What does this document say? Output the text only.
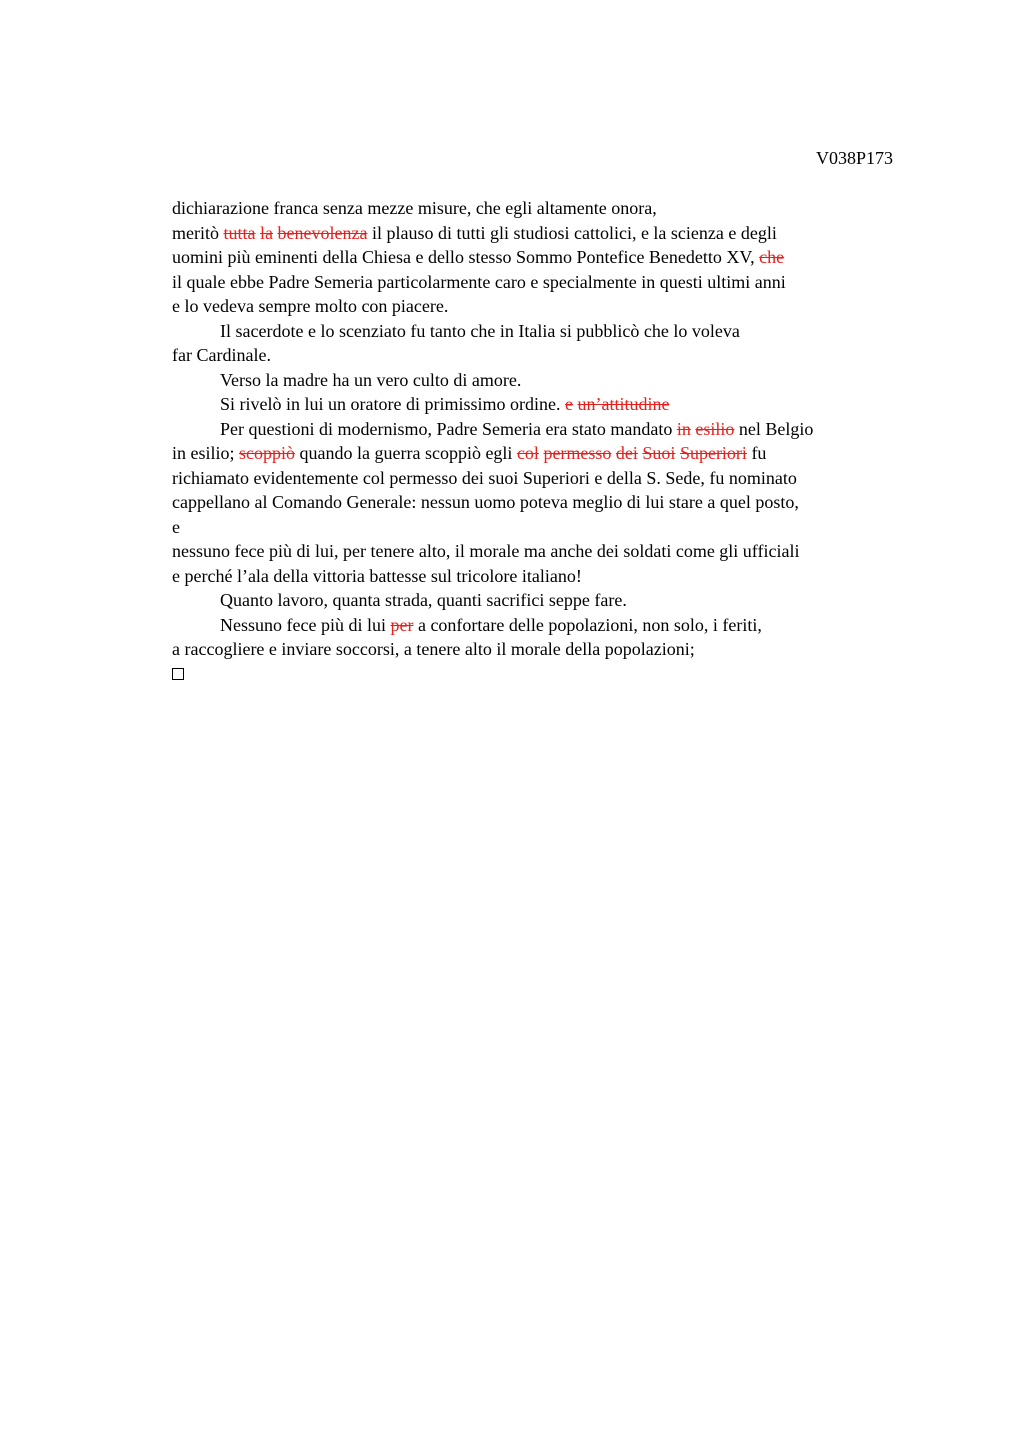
V038P173
dichiarazione franca senza mezze misure, che egli altamente onora,
meritò tutta la benevolenza il plauso di tutti gli studiosi cattolici, e la scienza e degli
uomini più eminenti della Chiesa e dello stesso Sommo Pontefice Benedetto XV, che
il quale ebbe Padre Semeria particolarmente caro e specialmente in questi ultimi anni
e lo vedeva sempre molto con piacere.
Il sacerdote e lo scenziato fu tanto che in Italia si pubblicò che lo voleva
far Cardinale.
Verso la madre ha un vero culto di amore.
Si rivelò in lui un oratore di primissimo ordine. e un’attitudine
Per questioni di modernismo, Padre Semeria era stato mandato in esilio nel Belgio
in esilio; scoppiò quando la guerra scoppiò egli col permesso dei Suoi Superiori fu
richiamato evidentemente col permesso dei suoi Superiori e della S. Sede, fu nominato
cappellano al Comando Generale: nessun uomo poteva meglio di lui stare a quel posto,
e
nessuno fece più di lui, per tenere alto, il morale ma anche dei soldati come gli ufficiali
e perché l’ala della vittoria battesse sul tricolore italiano!
Quanto lavoro, quanta strada, quanti sacrifici seppe fare.
Nessuno fece più di lui per a confortare delle popolazioni, non solo, i feriti,
a raccogliere e inviare soccorsi, a tenere alto il morale della popolazioni;
